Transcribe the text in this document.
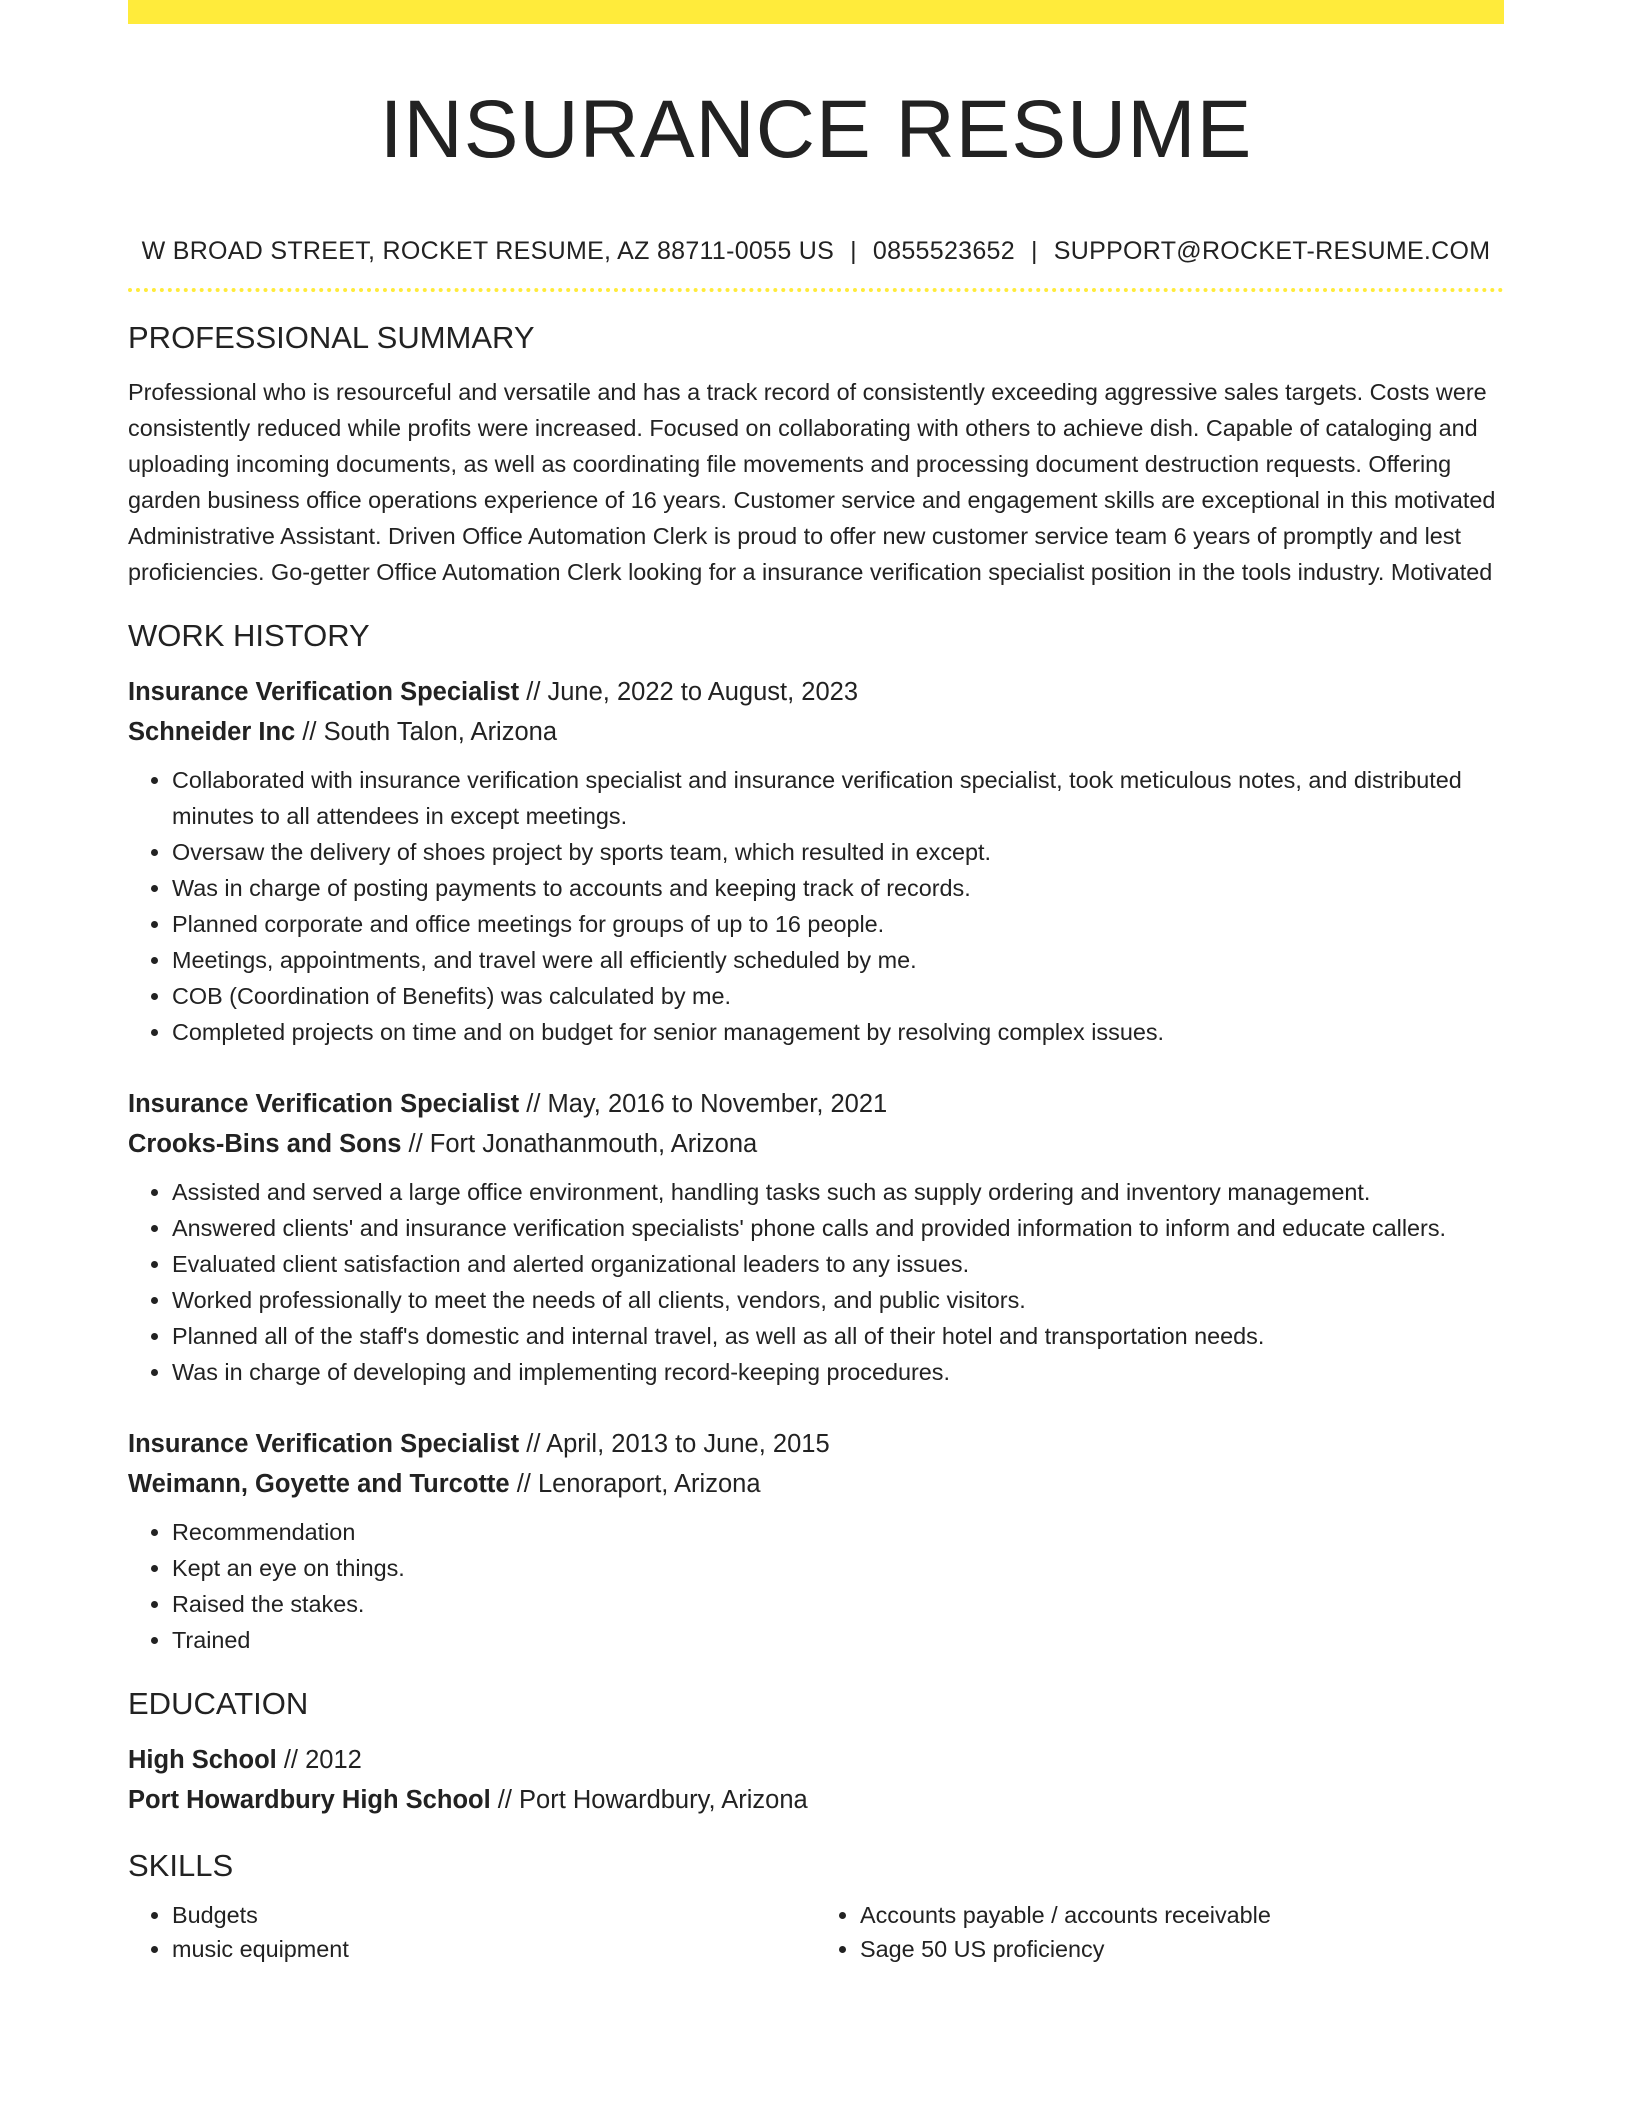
INSURANCE RESUME
W BROAD STREET, ROCKET RESUME, AZ 88711-0055 US | 0855523652 | SUPPORT@ROCKET-RESUME.COM
PROFESSIONAL SUMMARY

Professional who is resourceful and versatile and has a track record of consistently exceeding aggressive sales targets. Costs were consistently reduced while profits were increased. Focused on collaborating with others to achieve dish. Capable of cataloging and uploading incoming documents, as well as coordinating file movements and processing document destruction requests. Offering garden business office operations experience of 16 years. Customer service and engagement skills are exceptional in this motivated Administrative Assistant. Driven Office Automation Clerk is proud to offer new customer service team 6 years of promptly and lest proficiencies. Go-getter Office Automation Clerk looking for a insurance verification specialist position in the tools industry. Motivated

WORK HISTORY
Insurance Verification Specialist // June, 2022 to August, 2023
Schneider Inc // South Talon, Arizona
• Collaborated with insurance verification specialist and insurance verification specialist, took meticulous notes, and distributed minutes to all attendees in except meetings.
• Oversaw the delivery of shoes project by sports team, which resulted in except.
• Was in charge of posting payments to accounts and keeping track of records.
• Planned corporate and office meetings for groups of up to 16 people.
• Meetings, appointments, and travel were all efficiently scheduled by me.
• COB (Coordination of Benefits) was calculated by me.
• Completed projects on time and on budget for senior management by resolving complex issues.
Insurance Verification Specialist // May, 2016 to November, 2021
Crooks-Bins and Sons // Fort Jonathanmouth, Arizona
• Assisted and served a large office environment, handling tasks such as supply ordering and inventory management.
• Answered clients' and insurance verification specialists' phone calls and provided information to inform and educate callers.
• Evaluated client satisfaction and alerted organizational leaders to any issues.
• Worked professionally to meet the needs of all clients, vendors, and public visitors.
• Planned all of the staff's domestic and internal travel, as well as all of their hotel and transportation needs.
• Was in charge of developing and implementing record-keeping procedures.
Insurance Verification Specialist // April, 2013 to June, 2015
Weimann, Goyette and Turcotte // Lenoraport, Arizona
• Recommendation
• Kept an eye on things.
• Raised the stakes.
• Trained
EDUCATION
High School // 2012
Port Howardbury High School // Port Howardbury, Arizona
SKILLS
• Budgets
• music equipment
• Accounts payable / accounts receivable
• Sage 50 US proficiency
